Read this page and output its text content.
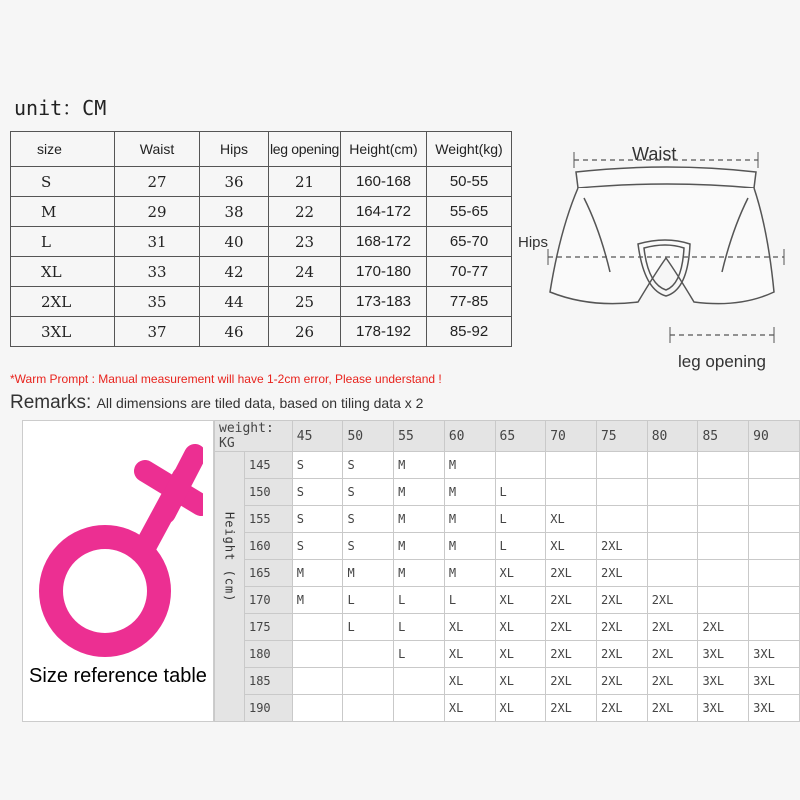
unit：CM
size	Waist	Hips	leg opening	Height(cm)	Weight(kg)
S	27	36	21	160-168	50-55
M	29	38	22	164-172	55-65
L	31	40	23	168-172	65-70
XL	33	42	24	170-180	70-77
2XL	35	44	25	173-183	77-85
3XL	37	46	26	178-192	85-92
*Warm Prompt : Manual measurement will have 1-2cm error, Please understand !
Remarks: All dimensions are tiled data, based on tiling data x 2
Waist
Hips
leg opening
Size reference table
weight: KG		45	50	55	60	65	70	75	80	85	90

Height (cm)	145	S	S	M	M						
	150	S	S	M	M	L					
	155	S	S	M	M	L	XL				
	160	S	S	M	M	L	XL	2XL			
	165	M	M	M	M	XL	2XL	2XL			
	170	M	L	L	L	XL	2XL	2XL	2XL		
	175		L	L	XL	XL	2XL	2XL	2XL	2XL	
	180			L	XL	XL	2XL	2XL	2XL	3XL	3XL
	185				XL	XL	2XL	2XL	2XL	3XL	3XL
	190				XL	XL	2XL	2XL	2XL	3XL	3XL
